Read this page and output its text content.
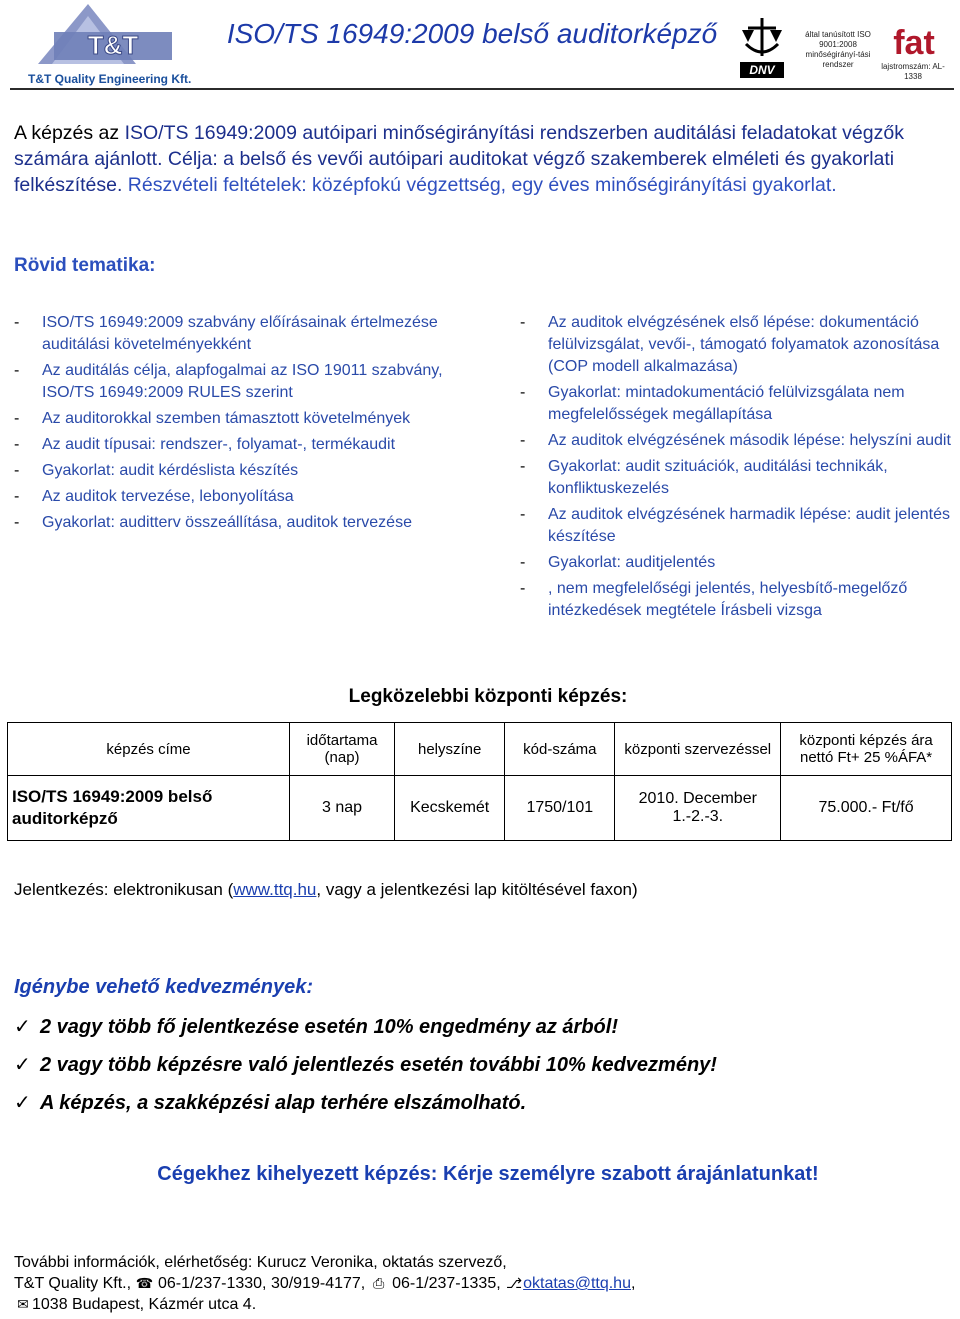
T&T
T&T Quality Engineering Kft.
ISO/TS 16949:2009 belső auditorképző
DNV
által tanúsított ISO 9001:2008 minőségirányí-tási rendszer
fat
lajstromszám: AL-1338
A képzés az ISO/TS 16949:2009 autóipari minőségirányítási rendszerben auditálási feladatokat végzők számára ajánlott. Célja: a belső és vevői autóipari auditokat végző szakemberek elméleti és gyakorlati felkészítése. Részvételi feltételek: középfokú végzettség, egy éves minőségirányítási gyakorlat.
Rövid tematika:
- ISO/TS 16949:2009 szabvány előírásainak értelmezése auditálási követelményekként
- Az auditálás célja, alapfogalmai az ISO 19011 szabvány, ISO/TS 16949:2009 RULES szerint
- Az auditorokkal szemben támasztott követelmények
- Az audit típusai: rendszer-, folyamat-, termékaudit
- Gyakorlat: audit kérdéslista készítés
- Az auditok tervezése, lebonyolítása
- Gyakorlat: auditterv összeállítása, auditok tervezése
- Az auditok elvégzésének első lépése: dokumentáció felülvizsgálat, vevői-, támogató folyamatok azonosítása (COP modell alkalmazása)
- Gyakorlat: mintadokumentáció felülvizsgálata nem megfelelősségek megállapítása
- Az auditok elvégzésének második lépése: helyszíni audit
- Gyakorlat: audit szituációk, auditálási technikák, konfliktuskezelés
- Az auditok elvégzésének harmadik lépése: audit jelentés készítése
- Gyakorlat: auditjelentés
- , nem megfelelőségi jelentés, helyesbítő-megelőző intézkedések megtétele Írásbeli vizsga
Legközelebbi központi képzés:
képzés címe	időtartama (nap)	helyszíne	kód-száma	központi szervezéssel	központi képzés ára nettó Ft+ 25 %ÁFA*
ISO/TS 16949:2009 belső auditorképző	3 nap	Kecskemét	1750/101	2010. December 1.-2.-3.	75.000.- Ft/fő
Jelentkezés: elektronikusan (www.ttq.hu, vagy a jelentkezési lap kitöltésével faxon)
Igénybe vehető kedvezmények:
✓ 2 vagy több fő jelentkezése esetén 10% engedmény az árból!
✓ 2 vagy több képzésre való jelentlezés esetén további 10% kedvezmény!
✓ A képzés, a szakképzési alap terhére elszámolható.
Cégekhez kihelyezett képzés: Kérje személyre szabott árajánlatunkat!
További információk, elérhetőség: Kurucz Veronika, oktatás szervező,
T&T Quality Kft., ☎ 06-1/237-1330, 30/919-4177, ⎙ 06-1/237-1335, ⎇oktatas@ttq.hu,
✉ 1038 Budapest, Kázmér utca 4.
